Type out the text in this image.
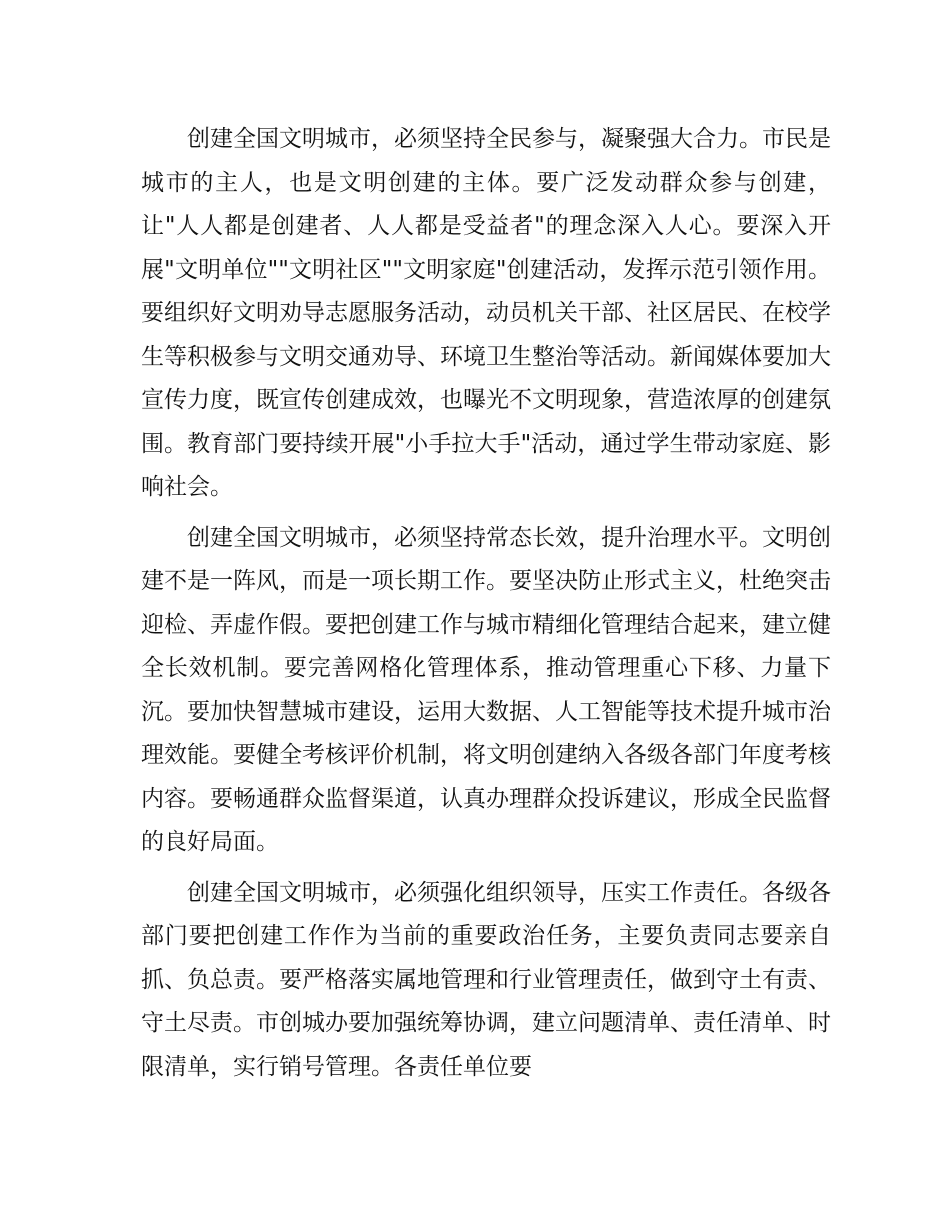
创建全国文明城市，必须坚持全民参与，凝聚强大合力。市民是城市的主人，也是文明创建的主体。要广泛发动群众参与创建，让"人人都是创建者、人人都是受益者"的理念深入人心。要深入开展"文明单位""文明社区""文明家庭"创建活动，发挥示范引领作用。要组织好文明劝导志愿服务活动，动员机关干部、社区居民、在校学生等积极参与文明交通劝导、环境卫生整治等活动。新闻媒体要加大宣传力度，既宣传创建成效，也曝光不文明现象，营造浓厚的创建氛围。教育部门要持续开展"小手拉大手"活动，通过学生带动家庭、影响社会。

创建全国文明城市，必须坚持常态长效，提升治理水平。文明创建不是一阵风，而是一项长期工作。要坚决防止形式主义，杜绝突击迎检、弄虚作假。要把创建工作与城市精细化管理结合起来，建立健全长效机制。要完善网格化管理体系，推动管理重心下移、力量下沉。要加快智慧城市建设，运用大数据、人工智能等技术提升城市治理效能。要健全考核评价机制，将文明创建纳入各级各部门年度考核内容。要畅通群众监督渠道，认真办理群众投诉建议，形成全民监督的良好局面。

创建全国文明城市，必须强化组织领导，压实工作责任。各级各部门要把创建工作作为当前的重要政治任务，主要负责同志要亲自抓、负总责。要严格落实属地管理和行业管理责任，做到守土有责、守土尽责。市创城办要加强统筹协调，建立问题清单、责任清单、时限清单，实行销号管理。各责任单位要
